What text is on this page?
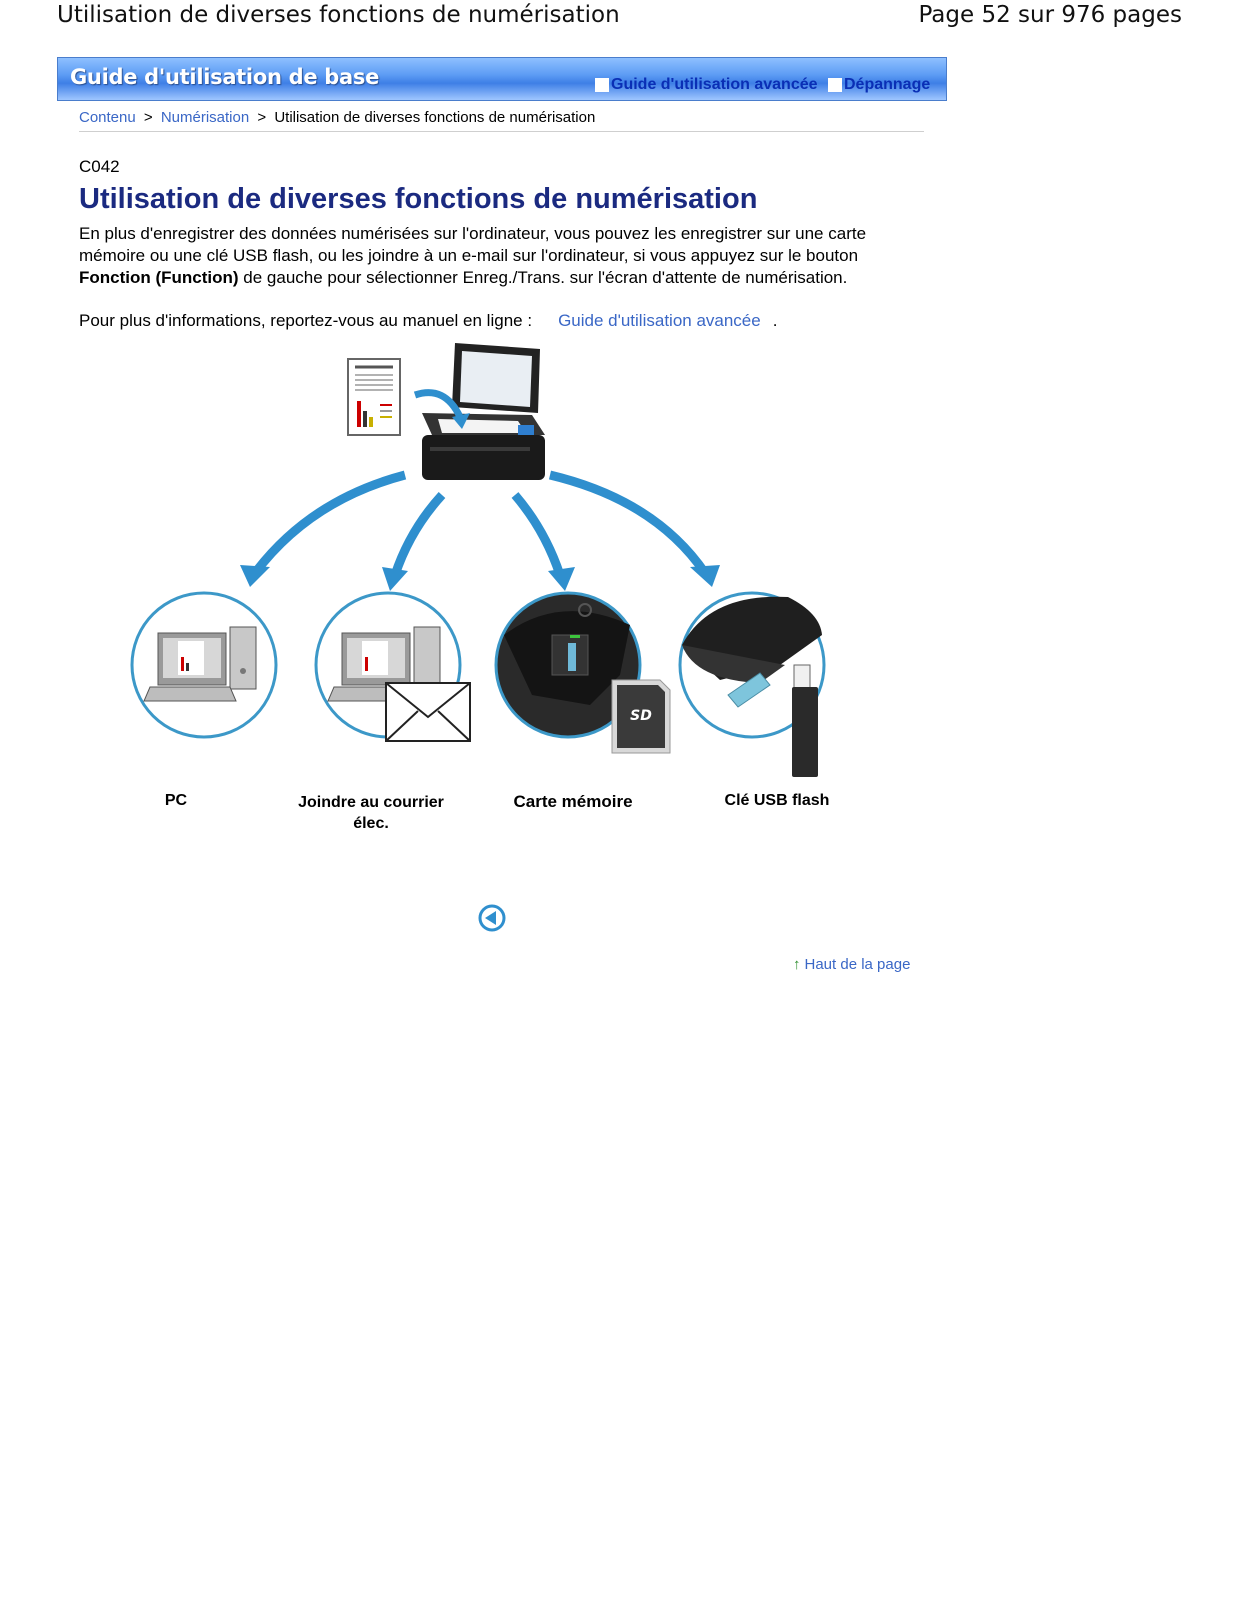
Utilisation de diverses fonctions de numérisation	Page 52 sur 976 pages
Guide d'utilisation de base	Guide d'utilisation avancée Dépannage
Contenu > Numérisation > Utilisation de diverses fonctions de numérisation
C042
Utilisation de diverses fonctions de numérisation
En plus d'enregistrer des données numérisées sur l'ordinateur, vous pouvez les enregistrer sur une carte mémoire ou une clé USB flash, ou les joindre à un e-mail sur l'ordinateur, si vous appuyez sur le bouton Fonction (Function) de gauche pour sélectionner Enreg./Trans. sur l'écran d'attente de numérisation.
Pour plus d'informations, reportez-vous au manuel en ligne : Guide d'utilisation avancée .
SD
PC	Joindre au courrier élec.
Carte mémoire	Clé USB flash
↑ Haut de la page
